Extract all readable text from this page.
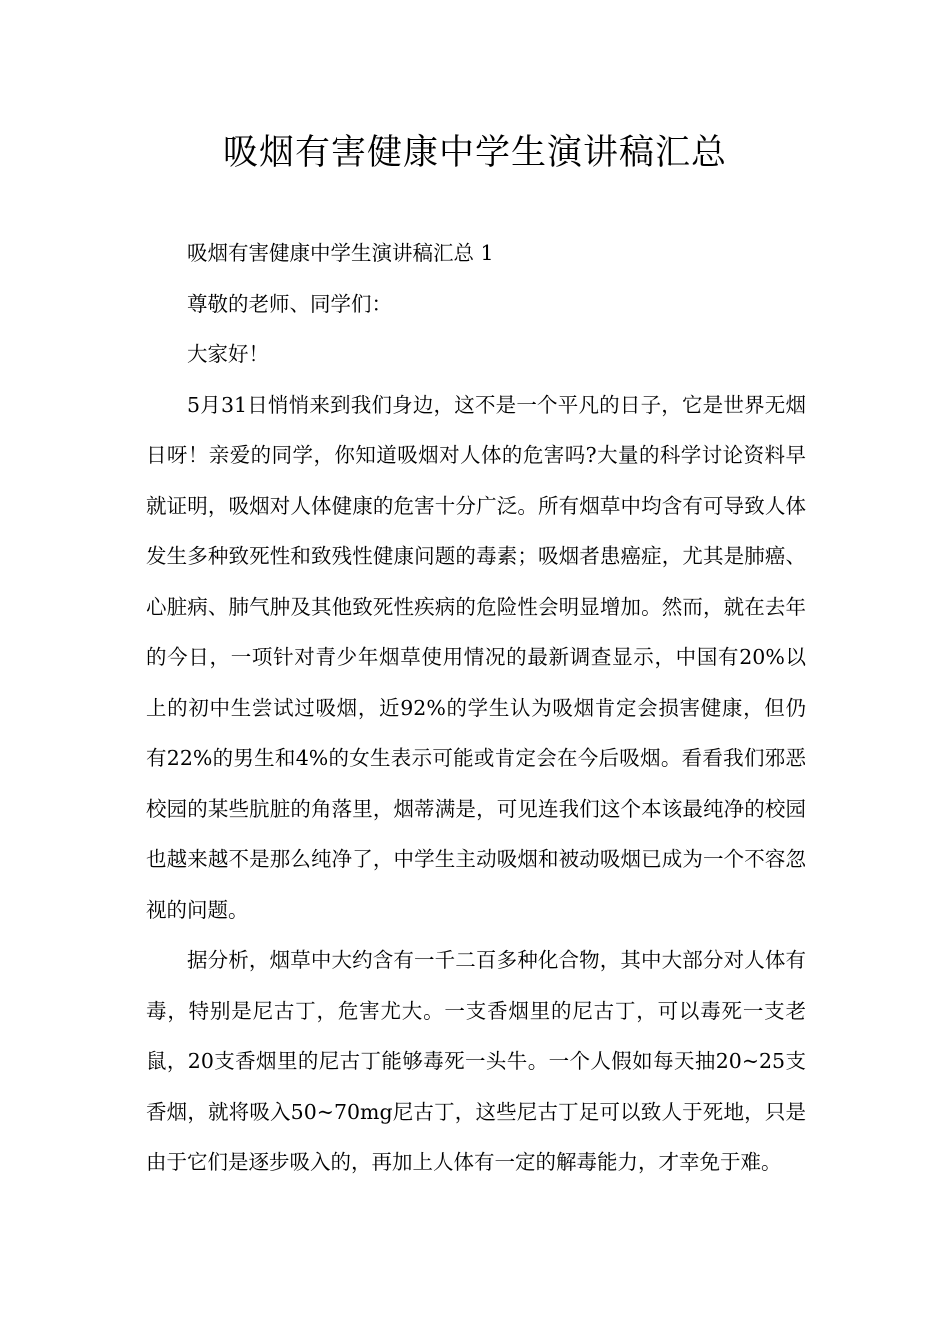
吸烟有害健康中学生演讲稿汇总

吸烟有害健康中学生演讲稿汇总 1

尊敬的老师、同学们：

大家好！

5月31日悄悄来到我们身边，这不是一个平凡的日子，它是世界无烟日呀！亲爱的同学，你知道吸烟对人体的危害吗?大量的科学讨论资料早就证明，吸烟对人体健康的危害十分广泛。所有烟草中均含有可导致人体发生多种致死性和致残性健康问题的毒素；吸烟者患癌症，尤其是肺癌、心脏病、肺气肿及其他致死性疾病的危险性会明显增加。然而，就在去年的今日，一项针对青少年烟草使用情况的最新调查显示，中国有20%以上的初中生尝试过吸烟，近92%的学生认为吸烟肯定会损害健康，但仍有22%的男生和4%的女生表示可能或肯定会在今后吸烟。看看我们邪恶校园的某些肮脏的角落里，烟蒂满是，可见连我们这个本该最纯净的校园也越来越不是那么纯净了，中学生主动吸烟和被动吸烟已成为一个不容忽视的问题。

据分析，烟草中大约含有一千二百多种化合物，其中大部分对人体有毒，特别是尼古丁，危害尤大。一支香烟里的尼古丁，可以毒死一支老鼠，20支香烟里的尼古丁能够毒死一头牛。一个人假如每天抽20~25支香烟，就将吸入50~70mg尼古丁，这些尼古丁足可以致人于死地，只是由于它们是逐步吸入的，再加上人体有一定的解毒能力，才幸免于难。
